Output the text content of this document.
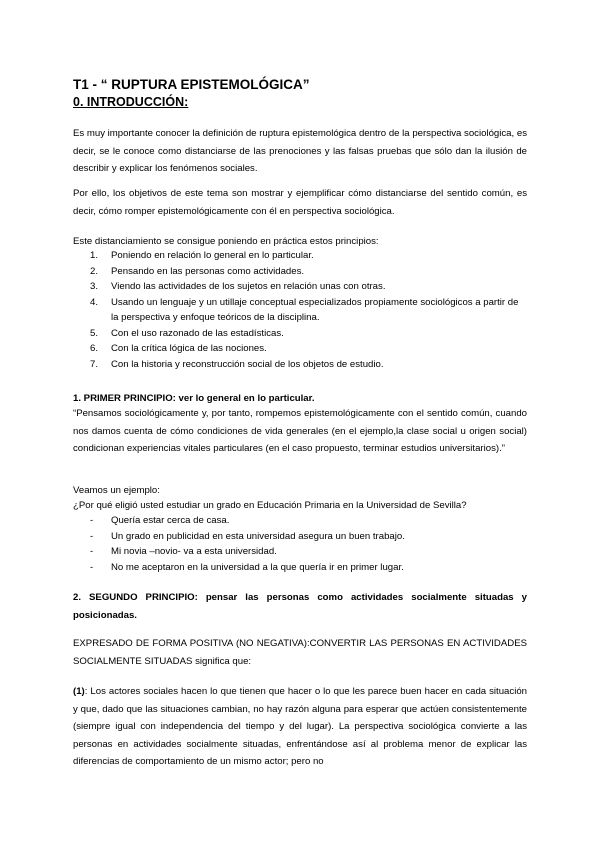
T1 - “ RUPTURA EPISTEMOLÓGICA”
0. INTRODUCCIÓN:

Es muy importante conocer la definición de ruptura epistemológica dentro de la perspectiva sociológica, es decir, se le conoce como distanciarse de las prenociones y las falsas pruebas que sólo dan la ilusión de describir y explicar los fenómenos sociales.

Por ello, los objetivos de este tema son mostrar y ejemplificar cómo distanciarse del sentido común, es decir, cómo romper epistemológicamente con él en perspectiva sociológica.

Este distanciamiento se consigue poniendo en práctica estos principios:

1. Poniendo en relación lo general en lo particular.
2. Pensando en las personas como actividades.
3. Viendo las actividades de los sujetos en relación unas con otras.
4. Usando un lenguaje y un utillaje conceptual especializados propiamente sociológicos a partir de la perspectiva y enfoque teóricos de la disciplina.
5. Con el uso razonado de las estadísticas.
6. Con la crítica lógica de las nociones.
7. Con la historia y reconstrucción social de los objetos de estudio.

1. PRIMER PRINCIPIO: ver lo general en lo particular.

“Pensamos sociológicamente y, por tanto, rompemos epistemológicamente con el sentido común, cuando nos damos cuenta de cómo condiciones de vida generales (en el ejemplo,la clase social u origen social) condicionan experiencias vitales particulares (en el caso propuesto, terminar estudios universitarios).”

Veamos un ejemplo:

¿Por qué eligió usted estudiar un grado en Educación Primaria en la Universidad de Sevilla?

- Quería estar cerca de casa.
- Un grado en publicidad en esta universidad asegura un buen trabajo.
- Mi novia –novio- va a esta universidad.
- No me aceptaron en la universidad a la que quería ir en primer lugar.

2. SEGUNDO PRINCIPIO: pensar las personas como actividades socialmente situadas y posicionadas.

EXPRESADO DE FORMA POSITIVA (NO NEGATIVA):CONVERTIR LAS PERSONAS EN ACTIVIDADES SOCIALMENTE SITUADAS significa que:

(1): Los actores sociales hacen lo que tienen que hacer o lo que les parece buen hacer en cada situación y que, dado que las situaciones cambian, no hay razón alguna para esperar que actúen consistentemente (siempre igual con independencia del tiempo y del lugar). La perspectiva sociológica convierte a las personas en actividades socialmente situadas, enfrentándose así al problema menor de explicar las diferencias de comportamiento de un mismo actor; pero no
